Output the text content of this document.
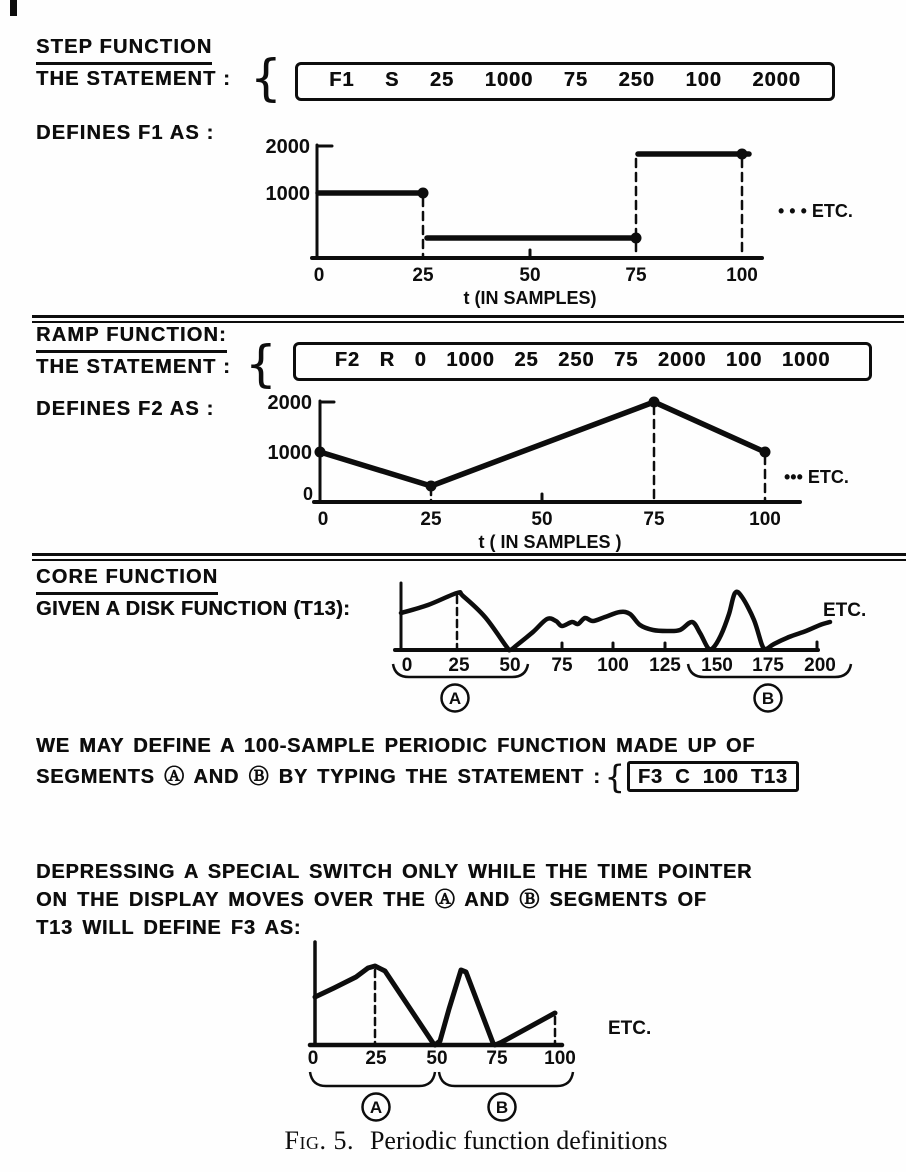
STEP FUNCTION
THE STATEMENT : {	F1 S 25 1000 75 250 100 2000
DEFINES F1 AS :
2000
1000
0	25	50	75	100
• • • ETC.
t (IN SAMPLES)
RAMP FUNCTION:
THE STATEMENT : {	F2 R 0 1000 25 250 75 2000 100 1000
DEFINES F2 AS :	2000
1000
0
0	25	50	75	100
••• ETC.
t ( IN SAMPLES )
CORE FUNCTION
GIVEN A DISK FUNCTION (T13):
0 25 50 75 100 125 150 175 200
ETC.
A	B
WE MAY DEFINE A 100-SAMPLE PERIODIC FUNCTION MADE UP OF
SEGMENTS Ⓐ AND Ⓑ BY TYPING THE STATEMENT : { F3 C 100 T13
DEPRESSING A SPECIAL SWITCH ONLY WHILE THE TIME POINTER
ON THE DISPLAY MOVES OVER THE Ⓐ AND Ⓑ SEGMENTS OF
T13 WILL DEFINE F3 AS:
0 25 50 75 100
ETC.
A	B
Fig. 5. Periodic function definitions
